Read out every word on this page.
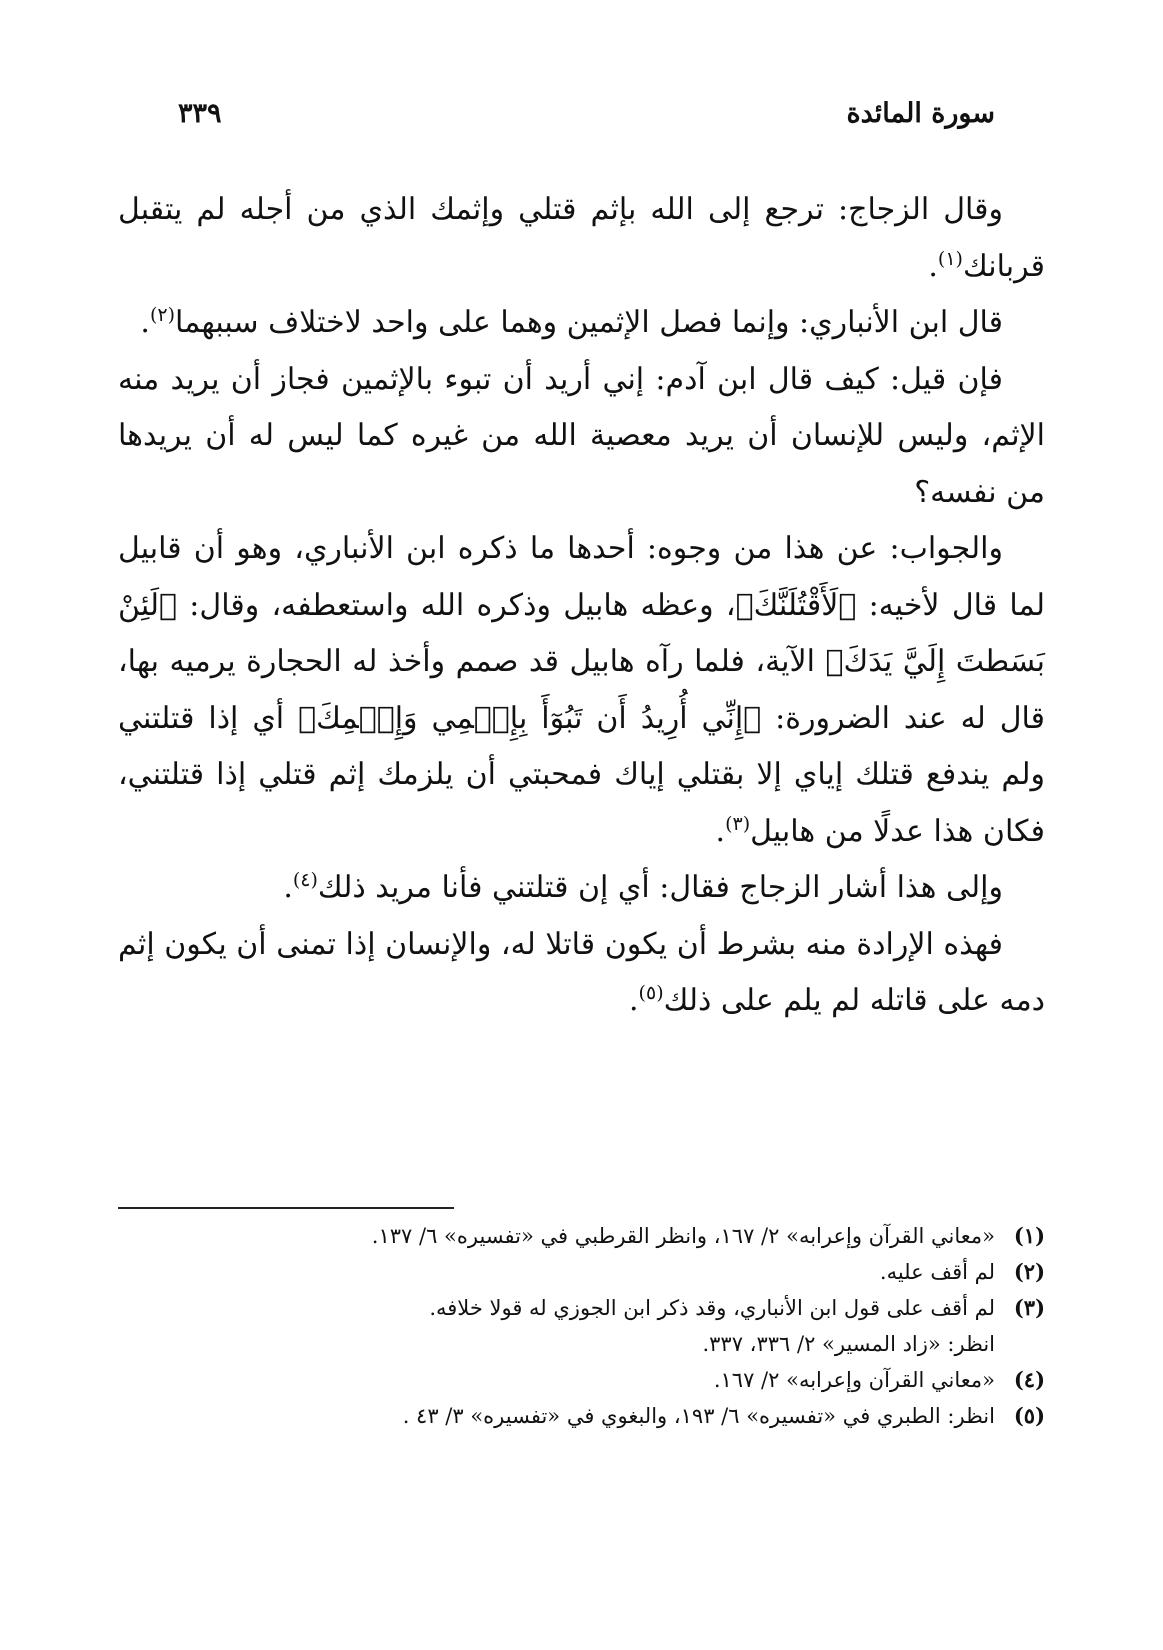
سورة المائدة
٣٣٩

وقال الزجاج: ترجع إلى الله بإثم قتلي وإثمك الذي من أجله لم يتقبل قربانك$^{(١)}$.

قال ابن الأنباري: وإنما فصل الإثمين وهما على واحد لاختلاف سببهما$^{(٢)}$.

فإن قيل: كيف قال ابن آدم: إني أريد أن تبوء بالإثمين فجاز أن يريد منه الإثم، وليس للإنسان أن يريد معصية الله من غيره كما ليس له أن يريدها من نفسه؟

والجواب: عن هذا من وجوه: أحدها ما ذكره ابن الأنباري، وهو أن قابيل لما قال لأخيه: ﴿لَأَقْتُلَنَّكَ﴾، وعظه هابيل وذكره الله واستعطفه، وقال: ﴿لَئِنْ بَسَطتَ إِلَيَّ يَدَكَ﴾ الآية، فلما رآه هابيل قد صمم وأخذ له الحجارة يرميه بها، قال له عند الضرورة: ﴿إِنِّي أُرِيدُ أَن تَبُوٓأَ بِإِثۡمِي وَإِثۡمِكَ﴾ أي إذا قتلتني ولم يندفع قتلك إياي إلا بقتلي إياك فمحبتي أن يلزمك إثم قتلي إذا قتلتني، فكان هذا عدلًا من هابيل$^{(٣)}$.

وإلى هذا أشار الزجاج فقال: أي إن قتلتني فأنا مريد ذلك$^{(٤)}$.

فهذه الإرادة منه بشرط أن يكون قاتلا له، والإنسان إذا تمنى أن يكون إثم دمه على قاتله لم يلم على ذلك$^{(٥)}$.

(١)
«معاني القرآن وإعرابه» ٢/ ١٦٧، وانظر القرطبي في «تفسيره» ٦/ ١٣٧.

(٢)
لم أقف عليه.

(٣)
لم أقف على قول ابن الأنباري، وقد ذكر ابن الجوزي له قولا خلافه.
انظر: «زاد المسير» ٢/ ٣٣٦، ٣٣٧.

(٤)
«معاني القرآن وإعرابه» ٢/ ١٦٧.

(٥)
انظر: الطبري في «تفسيره» ٦/ ١٩٣، والبغوي في «تفسيره» ٣/ ٤٣ .
